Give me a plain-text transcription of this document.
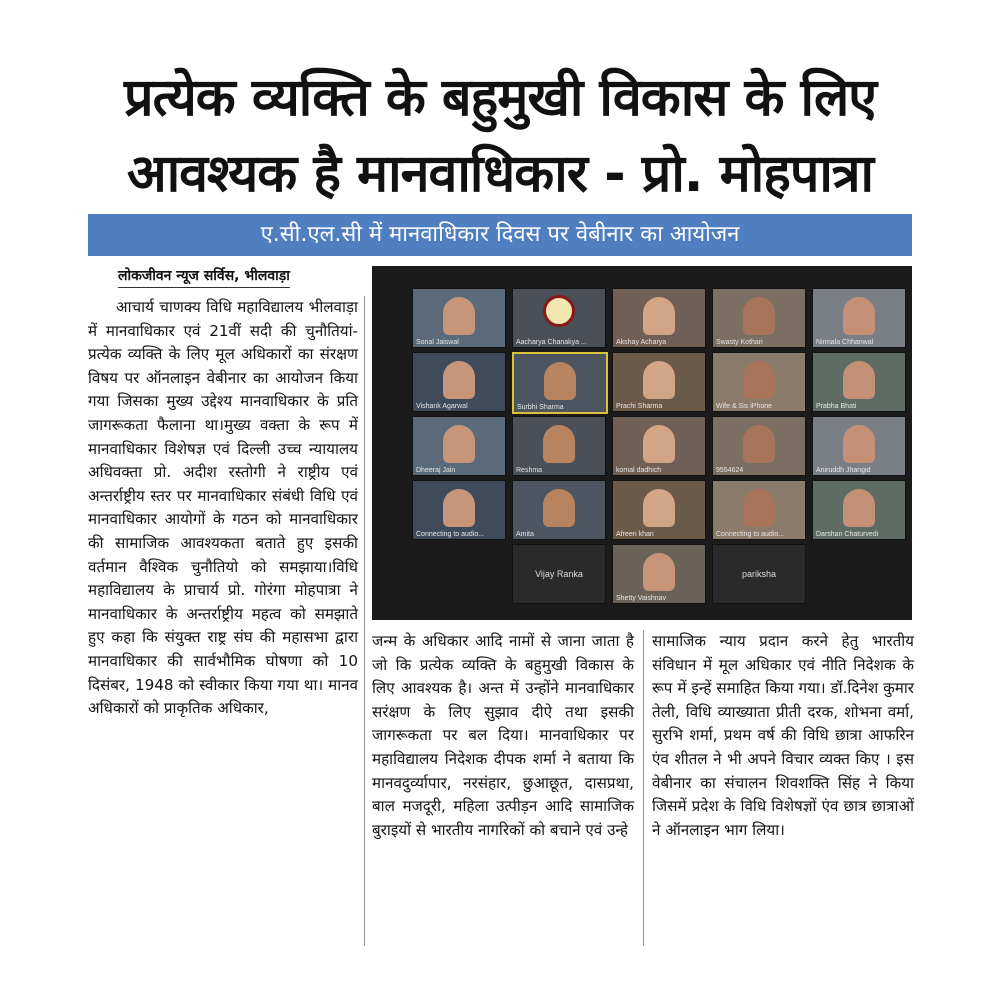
प्रत्येक व्यक्ति के बहुमुखी विकास के लिए
आवश्यक है मानवाधिकार - प्रो. मोहपात्रा
ए.सी.एल.सी में मानवाधिकार दिवस पर वेबीनार का आयोजन
लोकजीवन न्यूज सर्विस, भीलवाड़ा

आचार्य चाणक्य विधि महाविद्यालय भीलवाड़ा में मानवाधिकार एवं 21वीं सदी की चुनौतियां- प्रत्येक व्यक्ति के लिए मूल अधिकारों का संरक्षण विषय पर ऑनलाइन वेबीनार का आयोजन किया गया जिसका मुख्य उद्देश्य मानवाधिकार के प्रति जागरूकता फैलाना था।मुख्य वक्ता के रूप में मानवाधिकार विशेषज्ञ एवं दिल्ली उच्च न्यायालय अधिवक्ता प्रो. अदीश रस्तोगी ने राष्ट्रीय एवं अन्तर्राष्ट्रीय स्तर पर मानवाधिकार संबंधी विधि एवं मानवाधिकार आयोगों के गठन को मानवाधिकार की सामाजिक आवश्यकता बताते हुए इसकी वर्तमान वैश्विक चुनौतियो को समझाया।विधि महाविद्यालय के प्राचार्य प्रो. गोरंगा मोहपात्रा ने मानवाधिकार के अन्तर्राष्ट्रीय महत्व को समझाते हुए कहा कि संयुक्त राष्ट्र संघ की महासभा द्वारा मानवाधिकार की सार्वभौमिक घोषणा को 10 दिसंबर, 1948 को स्वीकार किया गया था। मानव अधिकारों को प्राकृतिक अधिकार,

Sonal Jaiswal	Aacharya Chanakya ...	Akshay Acharya	Swasty Kothari	Nirmala Chhanwal
Vishank Agarwal	Surbhi Sharma	Prachi Sharma	Wife & Sis iPhone	Prabha Bhati
Dheeraj Jain	Reshma	komal dadhich	9554624	Aniruddh Jhangid
Connecting to audio...	Amita	Afreen khan	Connecting to audio...	Darshan Chaturvedi
Vijay Ranka
Shetty Vaishnav
parikshа

जन्म के अधिकार आदि नामों से जाना जाता है जो कि प्रत्येक व्यक्ति के बहुमुखी विकास के लिए आवश्यक है। अन्त में उन्होंने मानवाधिकार सरंक्षण के लिए सुझाव दीऐ तथा इसकी जागरूकता पर बल दिया। मानवाधिकार पर महाविद्यालय निदेशक दीपक शर्मा ने बताया कि मानवदुर्व्यापार, नरसंहार, छुआछूत, दासप्रथा, बाल मजदूरी, महिला उत्पीड़न आदि सामाजिक बुराइयों से भारतीय नागरिकों को बचाने एवं उन्हे

सामाजिक न्याय प्रदान करने हेतु भारतीय संविधान में मूल अधिकार एवं नीति निदेशक के रूप में इन्हें समाहित किया गया। डॉ.दिनेश कुमार तेली, विधि व्याख्याता प्रीती दरक, शोभना वर्मा, सुरभि शर्मा, प्रथम वर्ष की विधि छात्रा आफरिन एंव शीतल ने भी अपने विचार व्यक्त किए । इस वेबीनार का संचालन शिवशक्ति सिंह ने किया जिसमें प्रदेश के विधि विशेषज्ञों एंव छात्र छात्राओं ने ऑनलाइन भाग लिया।
